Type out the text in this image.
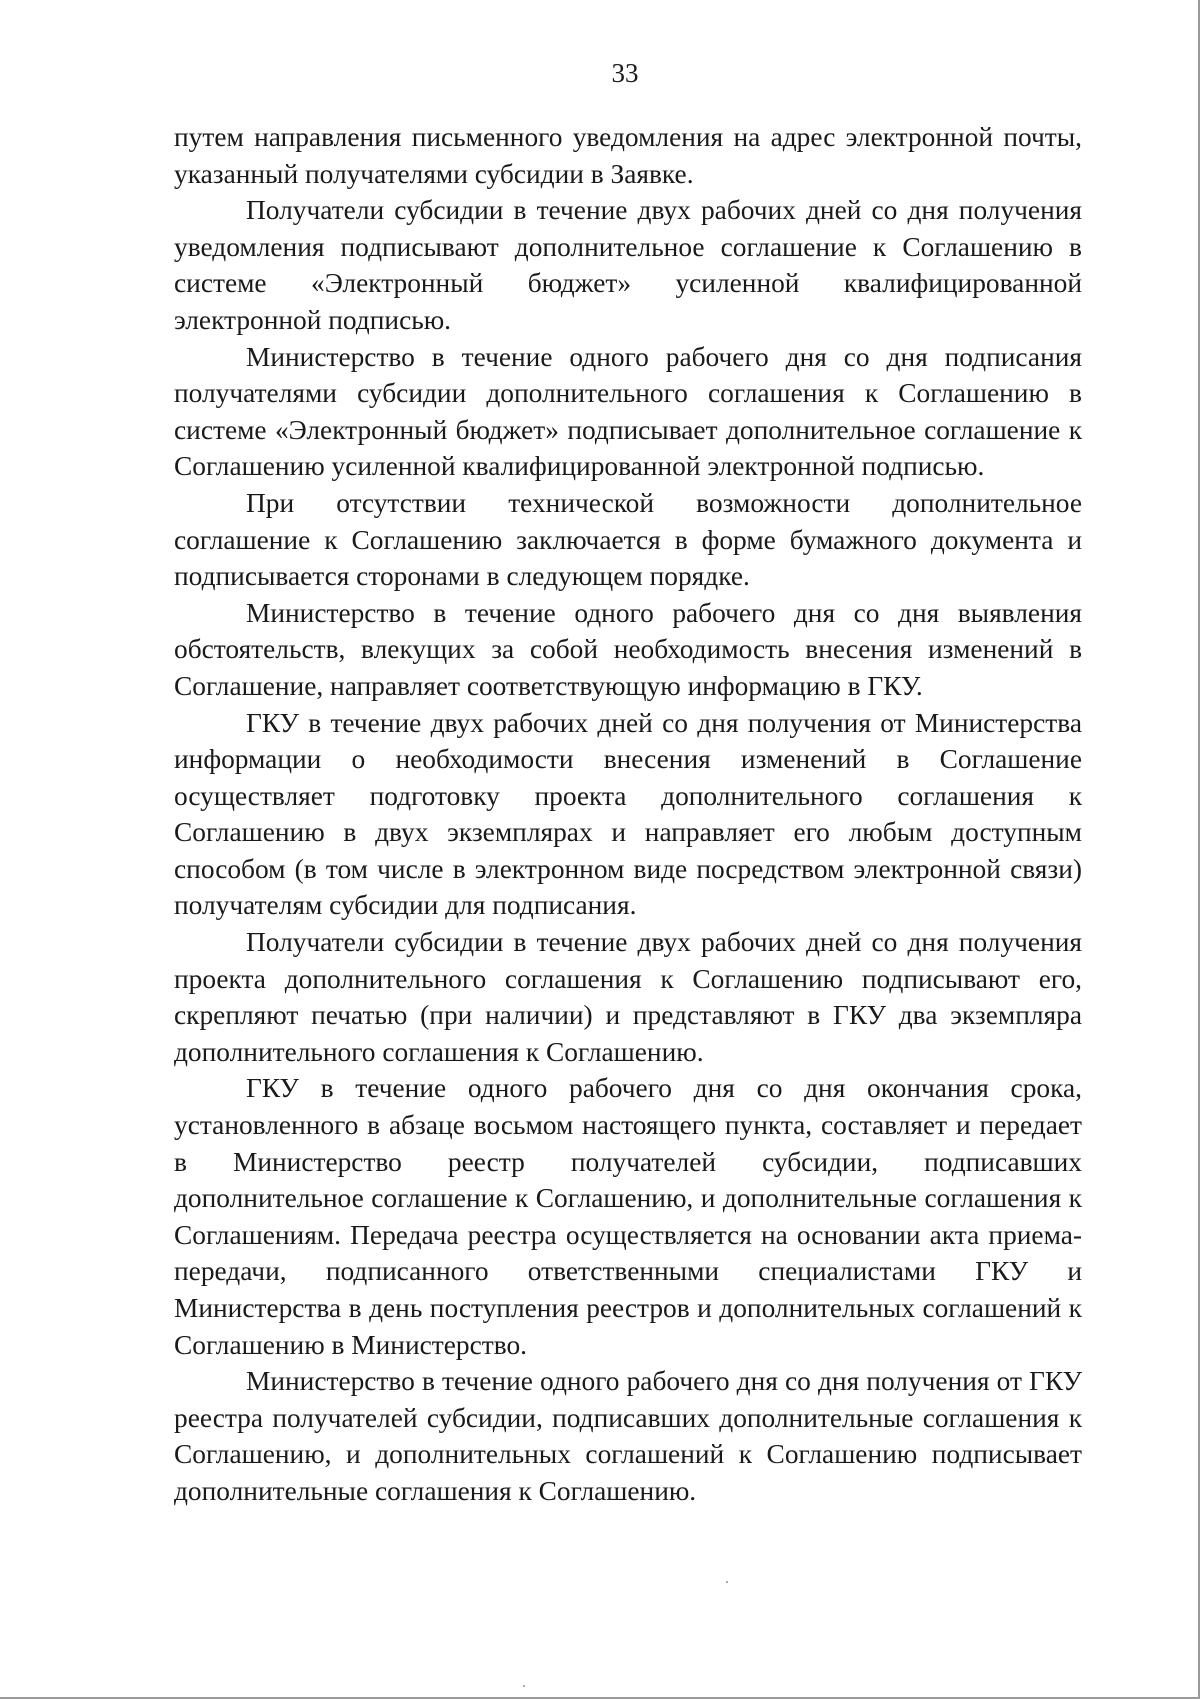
33

путем направления письменного уведомления на адрес электронной почты, указанный получателями субсидии в Заявке.

Получатели субсидии в течение двух рабочих дней со дня получения уведомления подписывают дополнительное соглашение к Соглашению в системе «Электронный бюджет» усиленной квалифицированной электронной подписью.

Министерство в течение одного рабочего дня со дня подписания получателями субсидии дополнительного соглашения к Соглашению в системе «Электронный бюджет» подписывает дополнительное соглашение к Соглашению усиленной квалифицированной электронной подписью.

При отсутствии технической возможности дополнительное соглашение к Соглашению заключается в форме бумажного документа и подписывается сторонами в следующем порядке.

Министерство в течение одного рабочего дня со дня выявления обстоятельств, влекущих за собой необходимость внесения изменений в Соглашение, направляет соответствующую информацию в ГКУ.

ГКУ в течение двух рабочих дней со дня получения от Министерства информации о необходимости внесения изменений в Соглашение осуществляет подготовку проекта дополнительного соглашения к Соглашению в двух экземплярах и направляет его любым доступным способом (в том числе в электронном виде посредством электронной связи) получателям субсидии для подписания.

Получатели субсидии в течение двух рабочих дней со дня получения проекта дополнительного соглашения к Соглашению подписывают его, скрепляют печатью (при наличии) и представляют в ГКУ два экземпляра дополнительного соглашения к Соглашению.

ГКУ в течение одного рабочего дня со дня окончания срока, установленного в абзаце восьмом настоящего пункта, составляет и передает в Министерство реестр получателей субсидии, подписавших дополнительное соглашение к Соглашению, и дополнительные соглашения к Соглашениям. Передача реестра осуществляется на основании акта приема-передачи, подписанного ответственными специалистами ГКУ и Министерства в день поступления реестров и дополнительных соглашений к Соглашению в Министерство.

Министерство в течение одного рабочего дня со дня получения от ГКУ реестра получателей субсидии, подписавших дополнительные соглашения к Соглашению, и дополнительных соглашений к Соглашению подписывает дополнительные соглашения к Соглашению.
